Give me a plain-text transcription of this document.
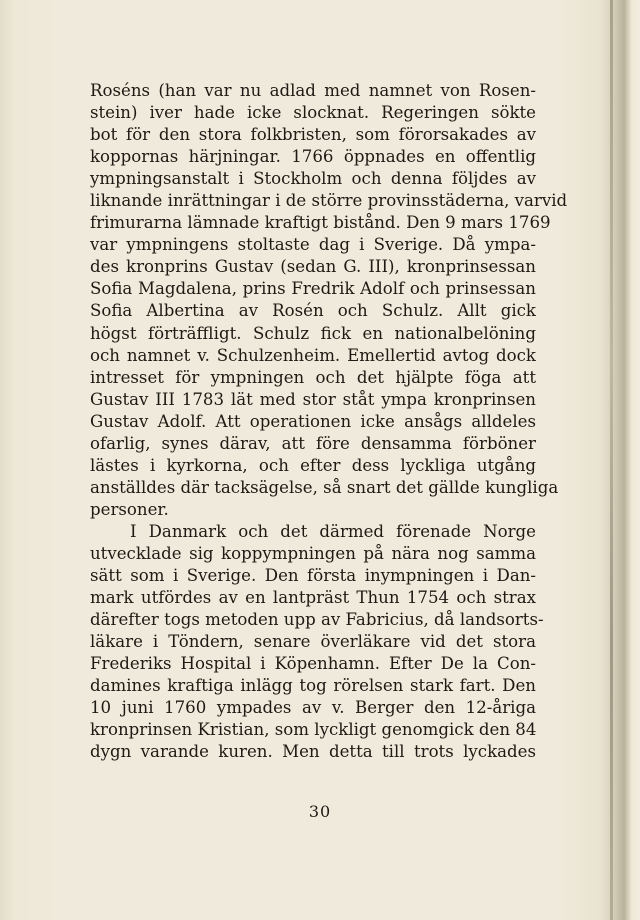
Roséns (han var nu adlad med namnet von Rosen-
stein) iver hade icke slocknat. Regeringen sökte
bot för den stora folkbristen, som förorsakades av
koppornas härjningar. 1766 öppnades en offentlig
ympningsanstalt i Stockholm och denna följdes av
liknande inrättningar i de större provinsstäderna, varvid
frimurarna lämnade kraftigt bistånd. Den 9 mars 1769
var ympningens stoltaste dag i Sverige. Då ympa-
des kronprins Gustav (sedan G. III), kronprinsessan
Sofia Magdalena, prins Fredrik Adolf och prinsessan
Sofia Albertina av Rosén och Schulz. Allt gick
högst förträffligt. Schulz fick en nationalbelöning
och namnet v. Schulzenheim. Emellertid avtog dock
intresset för ympningen och det hjälpte föga att
Gustav III 1783 lät med stor ståt ympa kronprinsen
Gustav Adolf. Att operationen icke ansågs alldeles
ofarlig, synes därav, att före densamma förböner
lästes i kyrkorna, och efter dess lyckliga utgång
anställdes där tacksägelse, så snart det gällde kungliga
personer.
I Danmark och det därmed förenade Norge
utvecklade sig koppympningen på nära nog samma
sätt som i Sverige. Den första inympningen i Dan-
mark utfördes av en lantpräst Thun 1754 och strax
därefter togs metoden upp av Fabricius, då landsorts-
läkare i Töndern, senare överläkare vid det stora
Frederiks Hospital i Köpenhamn. Efter De la Con-
damines kraftiga inlägg tog rörelsen stark fart. Den
10 juni 1760 ympades av v. Berger den 12-åriga
kronprinsen Kristian, som lyckligt genomgick den 84
dygn varande kuren. Men detta till trots lyckades
30
